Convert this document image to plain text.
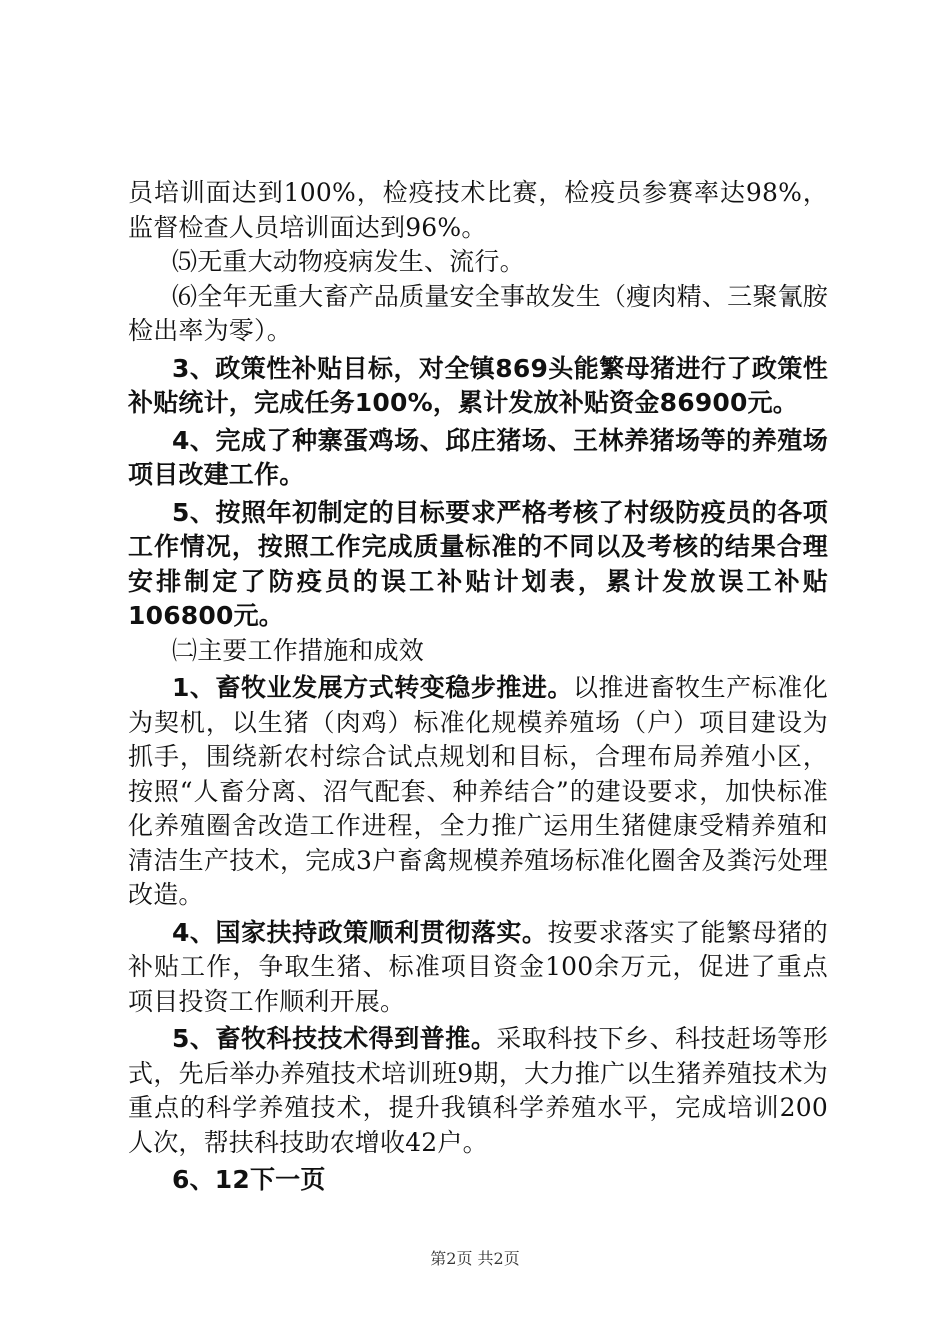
员培训面达到100%，检疫技术比赛，检疫员参赛率达98%，监督检查人员培训面达到96%。

⑸无重大动物疫病发生、流行。

⑹全年无重大畜产品质量安全事故发生（瘦肉精、三聚氰胺检出率为零）。

3、政策性补贴目标，对全镇869头能繁母猪进行了政策性补贴统计，完成任务100%，累计发放补贴资金86900元。

4、完成了种寨蛋鸡场、邱庄猪场、王林养猪场等的养殖场项目改建工作。

5、按照年初制定的目标要求严格考核了村级防疫员的各项工作情况，按照工作完成质量标准的不同以及考核的结果合理安排制定了防疫员的误工补贴计划表，累计发放误工补贴106800元。

㈡主要工作措施和成效

1、畜牧业发展方式转变稳步推进。以推进畜牧生产标准化为契机，以生猪（肉鸡）标准化规模养殖场（户）项目建设为抓手，围绕新农村综合试点规划和目标，合理布局养殖小区，按照“人畜分离、沼气配套、种养结合”的建设要求，加快标准化养殖圈舍改造工作进程，全力推广运用生猪健康受精养殖和清洁生产技术，完成3户畜禽规模养殖场标准化圈舍及粪污处理改造。

4、国家扶持政策顺利贯彻落实。按要求落实了能繁母猪的补贴工作，争取生猪、标准项目资金100余万元，促进了重点项目投资工作顺利开展。

5、畜牧科技技术得到普推。采取科技下乡、科技赶场等形式，先后举办养殖技术培训班9期，大力推广以生猪养殖技术为重点的科学养殖技术，提升我镇科学养殖水平，完成培训200人次，帮扶科技助农增收42户。

6、12下一页

第2页 共2页
